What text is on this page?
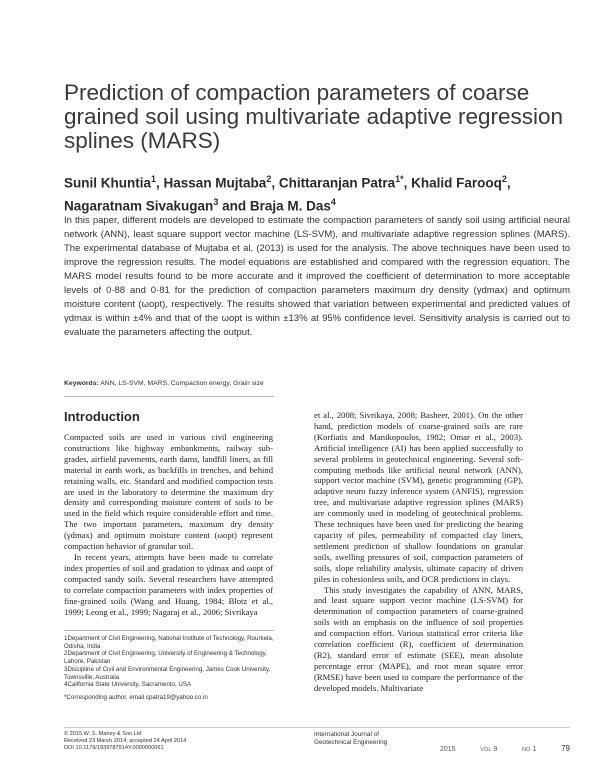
Prediction of compaction parameters of coarse grained soil using multivariate adaptive regression splines (MARS)
Sunil Khuntia$^1$, Hassan Mujtaba$^2$, Chittaranjan Patra$^{1*}$, Khalid Farooq$^2$,
Nagaratnam Sivakugan$^3$ and Braja M. Das$^4$

In this paper, different models are developed to estimate the compaction parameters of sandy soil using artificial neural network (ANN), least square support vector machine (LS-SVM), and multivariate adaptive regression splines (MARS). The experimental database of Mujtaba et al. (2013) is used for the analysis. The above techniques have been used to improve the regression results. The model equations are established and compared with the regression equation. The MARS model results found to be more accurate and it improved the coefficient of determination to more acceptable levels of 0·88 and 0·81 for the prediction of compaction parameters maximum dry density (γdmax) and optimum moisture content (ωopt), respectively. The results showed that variation between experimental and predicted values of γdmax is within ±4% and that of the ωopt is within ±13% at 95% confidence level. Sensitivity analysis is carried out to evaluate the parameters affecting the output.

Keywords: ANN, LS-SVM, MARS, Compaction energy, Grain size
Introduction

Compacted soils are used in various civil engineering constructions like highway embankments, railway sub-grades, airfield pavements, earth dams, landfill liners, as fill material in earth work, as backfills in trenches, and behind retaining walls, etc. Standard and modified compaction tests are used in the laboratory to determine the maximum dry density and corresponding moisture content of soils to be used in the field which require considerable effort and time. The two important parameters, maximum dry density (γdmax) and optimum moisture content (ωopt) represent compaction behavior of granular soil.

In recent years, attempts have been made to correlate index properties of soil and gradation to γdmax and ωopt of compacted sandy soils. Several researchers have attempted to correlate compaction parameters with index properties of fine-grained soils (Wang and Huang, 1984; Blotz et al., 1999; Leong et al., 1999; Nagaraj et al., 2006; Sivrikaya

et al., 2008; Sivrikaya, 2008; Basheer, 2001). On the other hand, prediction models of coarse-grained soils are rare (Korfiatis and Manikopoulos, 1982; Omar et al., 2003). Artificial intelligence (AI) has been applied successfully to several problems in geotechnical engineering. Several soft-computing methods like artificial neural network (ANN), support vector machine (SVM), genetic programming (GP), adaptive neuro fuzzy inference system (ANFIS), regression tree, and multivariate adaptive regression splines (MARS) are commonly used in modeling of geotechnical problems. These techniques have been used for predicting the bearing capacity of piles, permeability of compacted clay liners, settlement prediction of shallow foundations on granular soils, swelling pressures of soil, compaction parameters of soils, slope reliability analysis, ultimate capacity of driven piles in cohesionless soils, and OCR predictions in clays.

This study investigates the capability of ANN, MARS, and least square support vector machine (LS-SVM) for determination of compaction parameters of coarse-grained soils with an emphasis on the influence of soil properties and compaction effort. Various statistical error criteria like correlation coefficient (R), coefficient of determination (R2), standard error of estimate (SEE), mean absolute percentage error (MAPE), and root mean square error (RMSE) have been used to compare the performance of the developed models. Multivariate

1Department of Civil Engineering, National Institute of Technology, Rourkela, Odisha, India
2Department of Civil Engineering, University of Engineering & Technology, Lahore, Pakistan
3Discipline of Civil and Environmental Engineering, James Cook University, Townsville, Australia
4California State University, Sacramento, USA
*Corresponding author, email cpatra19@yahoo.co.in
© 2015 W. S. Maney & Son Ltd
Received 23 March 2014; accepted 24 April 2014
DOI 10.1179/1939787914Y.0000000061
International Journal of
Geotechnical Engineering
2015	VOL 9	NO 1	79
